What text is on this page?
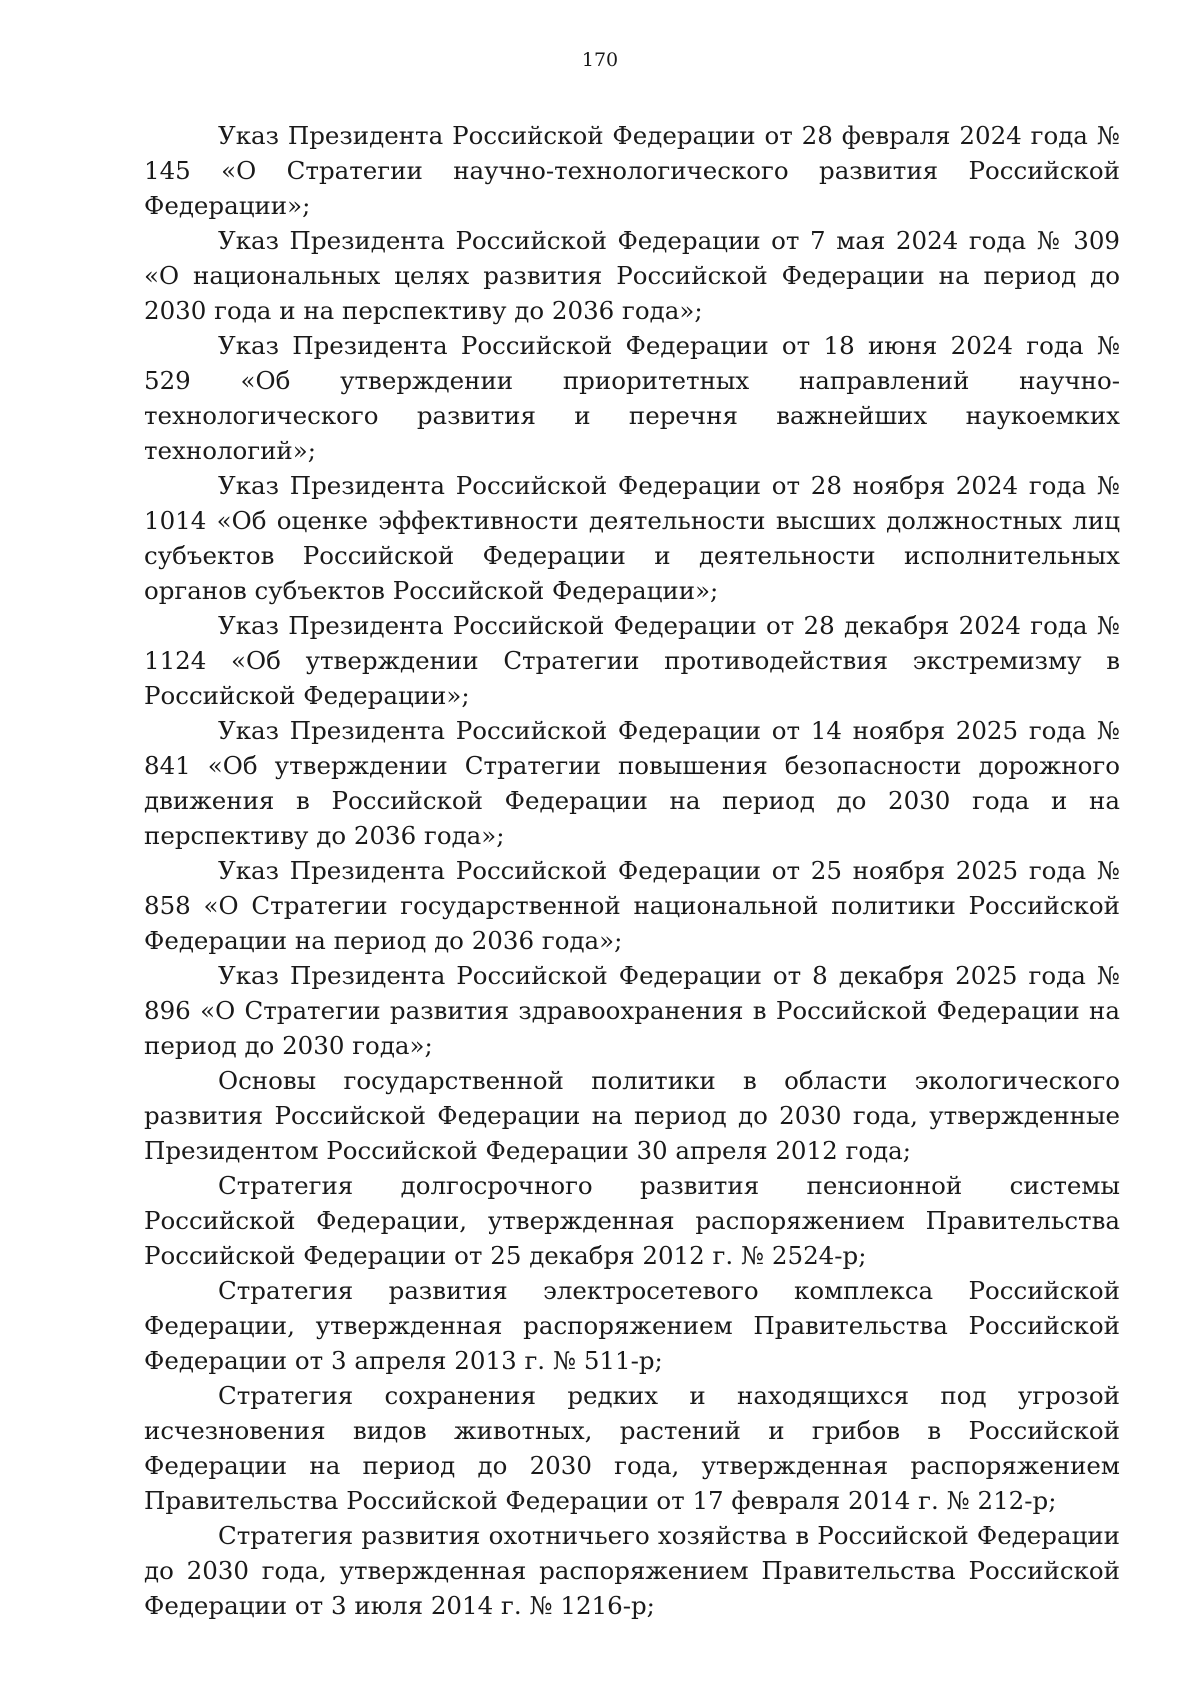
170

Указ Президента Российской Федерации от 28 февраля 2024 года № 145 «О Стратегии научно-технологического развития Российской Федерации»;

Указ Президента Российской Федерации от 7 мая 2024 года № 309 «О национальных целях развития Российской Федерации на период до 2030 года и на перспективу до 2036 года»;

Указ Президента Российской Федерации от 18 июня 2024 года № 529 «Об утверждении приоритетных направлений научно-технологического развития и перечня важнейших наукоемких технологий»;

Указ Президента Российской Федерации от 28 ноября 2024 года № 1014 «Об оценке эффективности деятельности высших должностных лиц субъектов Российской Федерации и деятельности исполнительных органов субъектов Российской Федерации»;

Указ Президента Российской Федерации от 28 декабря 2024 года № 1124 «Об утверждении Стратегии противодействия экстремизму в Российской Федерации»;

Указ Президента Российской Федерации от 14 ноября 2025 года № 841 «Об утверждении Стратегии повышения безопасности дорожного движения в Российской Федерации на период до 2030 года и на перспективу до 2036 года»;

Указ Президента Российской Федерации от 25 ноября 2025 года № 858 «О Стратегии государственной национальной политики Российской Федерации на период до 2036 года»;

Указ Президента Российской Федерации от 8 декабря 2025 года № 896 «О Стратегии развития здравоохранения в Российской Федерации на период до 2030 года»;

Основы государственной политики в области экологического развития Российской Федерации на период до 2030 года, утвержденные Президентом Российской Федерации 30 апреля 2012 года;

Стратегия долгосрочного развития пенсионной системы Российской Федерации, утвержденная распоряжением Правительства Российской Федерации от 25 декабря 2012 г. № 2524-р;

Стратегия развития электросетевого комплекса Российской Федерации, утвержденная распоряжением Правительства Российской Федерации от 3 апреля 2013 г. № 511-р;

Стратегия сохранения редких и находящихся под угрозой исчезновения видов животных, растений и грибов в Российской Федерации на период до 2030 года, утвержденная распоряжением Правительства Российской Федерации от 17 февраля 2014 г. № 212-р;

Стратегия развития охотничьего хозяйства в Российской Федерации до 2030 года, утвержденная распоряжением Правительства Российской Федерации от 3 июля 2014 г. № 1216-р;
